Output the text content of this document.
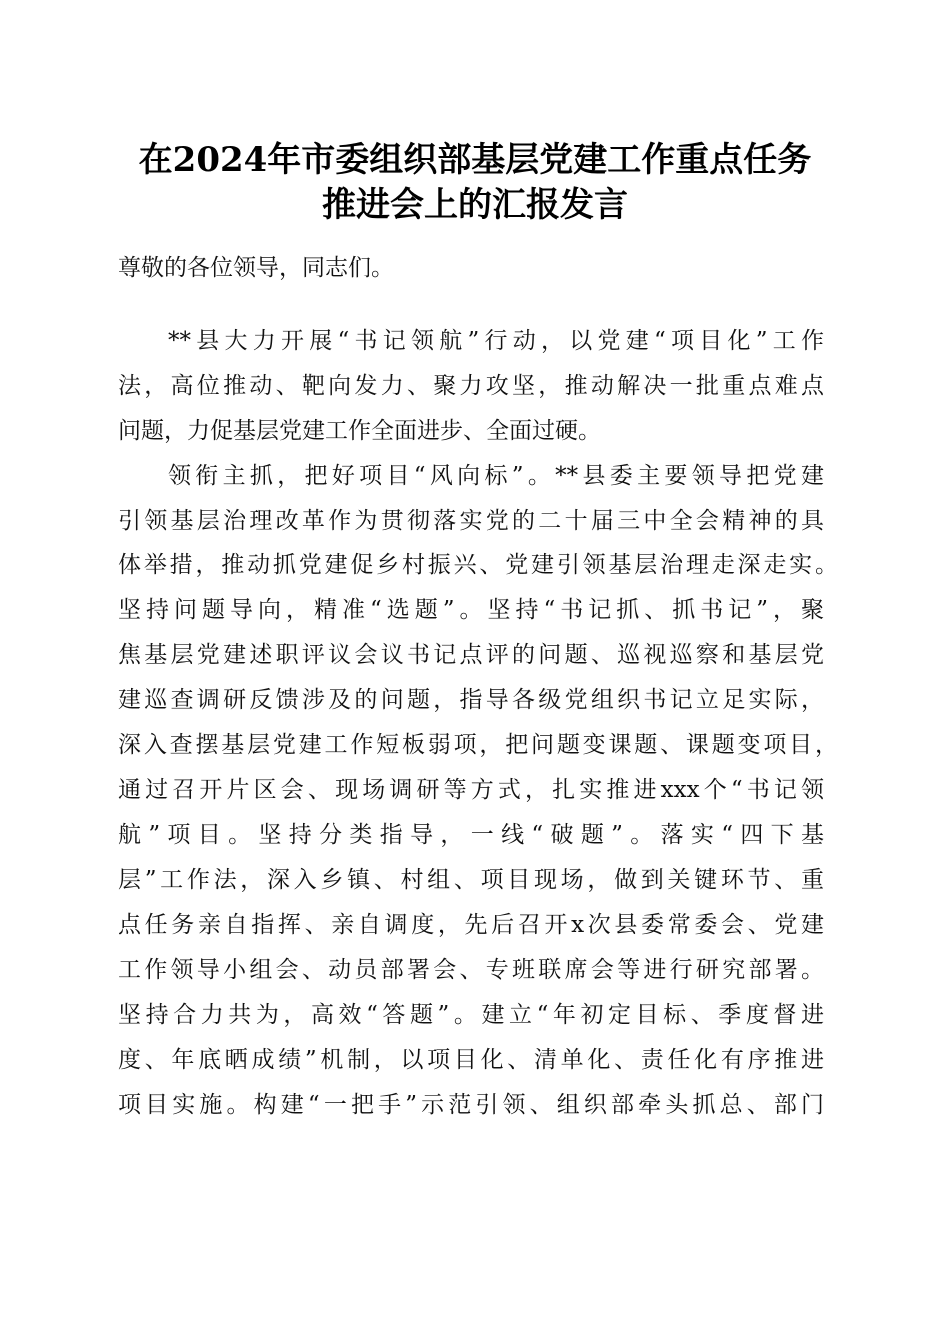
在2024年市委组织部基层党建工作重点任务
推进会上的汇报发言
尊敬的各位领导，同志们。
**县大力开展“书记领航”行动，以党建“项目化”工作
法，高位推动、靶向发力、聚力攻坚，推动解决一批重点难点
问题，力促基层党建工作全面进步、全面过硬。
领衔主抓，把好项目“风向标”。**县委主要领导把党建
引领基层治理改革作为贯彻落实党的二十届三中全会精神的具
体举措，推动抓党建促乡村振兴、党建引领基层治理走深走实。
坚持问题导向，精准“选题”。坚持“书记抓、抓书记”，聚
焦基层党建述职评议会议书记点评的问题、巡视巡察和基层党
建巡查调研反馈涉及的问题，指导各级党组织书记立足实际，
深入查摆基层党建工作短板弱项，把问题变课题、课题变项目，
通过召开片区会、现场调研等方式，扎实推进xxx个“书记领
航”项目。坚持分类指导，一线“破题”。落实“四下基
层”工作法，深入乡镇、村组、项目现场，做到关键环节、重
点任务亲自指挥、亲自调度，先后召开x次县委常委会、党建
工作领导小组会、动员部署会、专班联席会等进行研究部署。
坚持合力共为，高效“答题”。建立“年初定目标、季度督进
度、年底晒成绩”机制，以项目化、清单化、责任化有序推进
项目实施。构建“一把手”示范引领、组织部牵头抓总、部门
